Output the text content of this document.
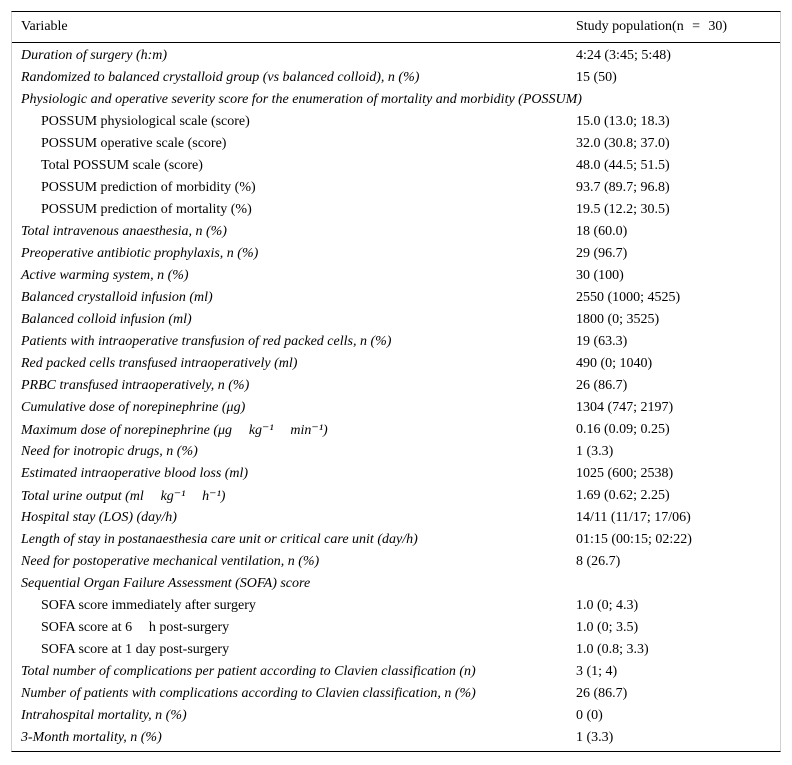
Variable	Study population(n   =   30)
Duration of surgery (h:m)	4:24 (3:45; 5:48)
Randomized to balanced crystalloid group (vs balanced colloid), n (%)	15 (50)
Physiologic and operative severity score for the enumeration of mortality and morbidity (POSSUM)
POSSUM physiological scale (score)	15.0 (13.0; 18.3)
POSSUM operative scale (score)	32.0 (30.8; 37.0)
Total POSSUM scale (score)	48.0 (44.5; 51.5)
POSSUM prediction of morbidity (%)	93.7 (89.7; 96.8)
POSSUM prediction of mortality (%)	19.5 (12.2; 30.5)
Total intravenous anaesthesia, n (%)	18 (60.0)
Preoperative antibiotic prophylaxis, n (%)	29 (96.7)
Active warming system, n (%)	30 (100)
Balanced crystalloid infusion (ml)	2550 (1000; 4525)
Balanced colloid infusion (ml)	1800 (0; 3525)
Patients with intraoperative transfusion of red packed cells, n (%)	19 (63.3)
Red packed cells transfused intraoperatively (ml)	490 (0; 1040)
PRBC transfused intraoperatively, n (%)	26 (86.7)
Cumulative dose of norepinephrine (μg)	1304 (747; 2197)
Maximum dose of norepinephrine (μg  kg⁻¹  min⁻¹)	0.16 (0.09; 0.25)
Need for inotropic drugs, n (%)	1 (3.3)
Estimated intraoperative blood loss (ml)	1025 (600; 2538)
Total urine output (ml  kg⁻¹  h⁻¹)	1.69 (0.62; 2.25)
Hospital stay (LOS) (day/h)	14/11 (11/17; 17/06)
Length of stay in postanaesthesia care unit or critical care unit (day/h)	01:15 (00:15; 02:22)
Need for postoperative mechanical ventilation, n (%)	8 (26.7)
Sequential Organ Failure Assessment (SOFA) score
SOFA score immediately after surgery	1.0 (0; 4.3)
SOFA score at 6  h post-surgery	1.0 (0; 3.5)
SOFA score at 1 day post-surgery	1.0 (0.8; 3.3)
Total number of complications per patient according to Clavien classification (n)	3 (1; 4)
Number of patients with complications according to Clavien classification, n (%)	26 (86.7)
Intrahospital mortality, n (%)	0 (0)
3-Month mortality, n (%)	1 (3.3)
